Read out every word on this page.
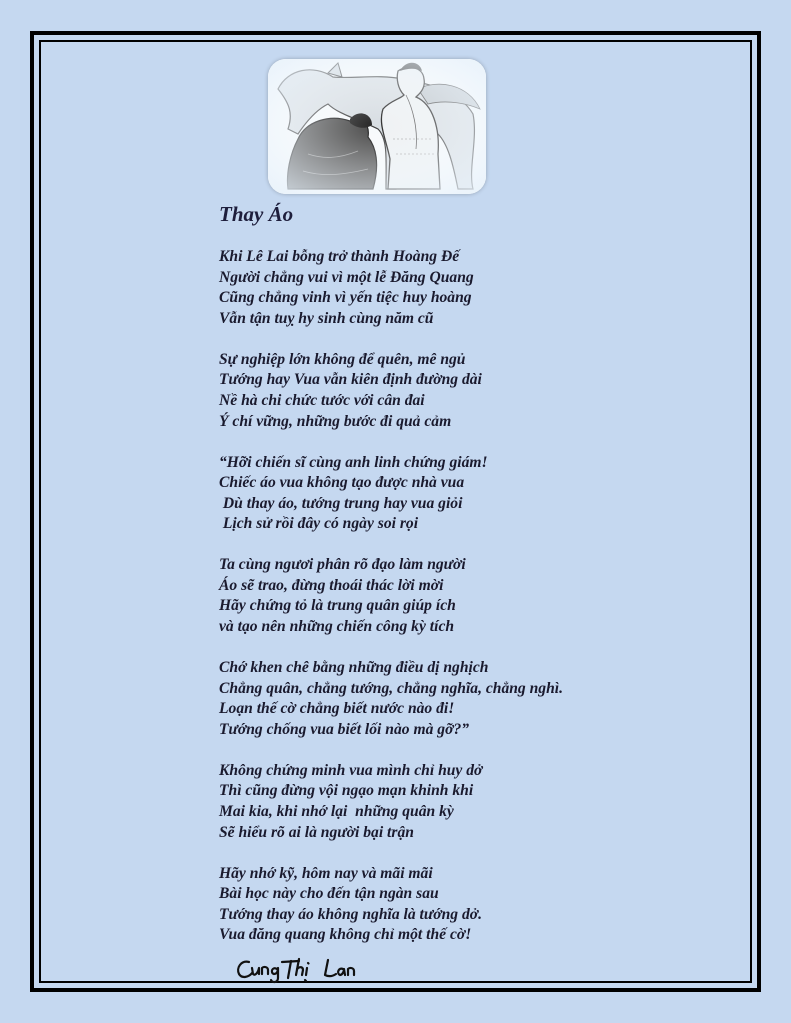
Thay Áo
Khi Lê Lai bỗng trở thành Hoàng Đế
Người chẳng vui vì một lễ Đăng Quang
Cũng chẳng vinh vì yến tiệc huy hoàng
Vẫn tận tuỵ hy sinh cùng năm cũ
Sự nghiệp lớn không để quên, mê ngủ
Tướng hay Vua vẫn kiên định đường dài
Nề hà chi chức tước với cân đai
Ý chí vững, những bước đi quả cảm
“Hỡi chiến sĩ cùng anh linh chứng giám!
Chiếc áo vua không tạo được nhà vua
Dù thay áo, tướng trung hay vua giỏi
Lịch sử rồi đây có ngày soi rọi
Ta cùng ngươi phân rõ đạo làm người
Áo sẽ trao, đừng thoái thác lời mời
Hãy chứng tỏ là trung quân giúp ích
và tạo nên những chiến công kỳ tích
Chớ khen chê bằng những điều dị nghịch
Chẳng quân, chẳng tướng, chẳng nghĩa, chẳng nghì.
Loạn thế cờ chẳng biết nước nào đi!
Tướng chống vua biết lối nào mà gỡ?”
Không chứng minh vua mình chỉ huy dở
Thì cũng đừng vội ngạo mạn khinh khi
Mai kia, khi nhớ lại  những quân kỳ
Sẽ hiểu rõ ai là người bại trận
Hãy nhớ kỹ, hôm nay và mãi mãi
Bài học này cho đến tận ngàn sau
Tướng thay áo không nghĩa là tướng dở.
Vua đăng quang không chỉ một thế cờ!
